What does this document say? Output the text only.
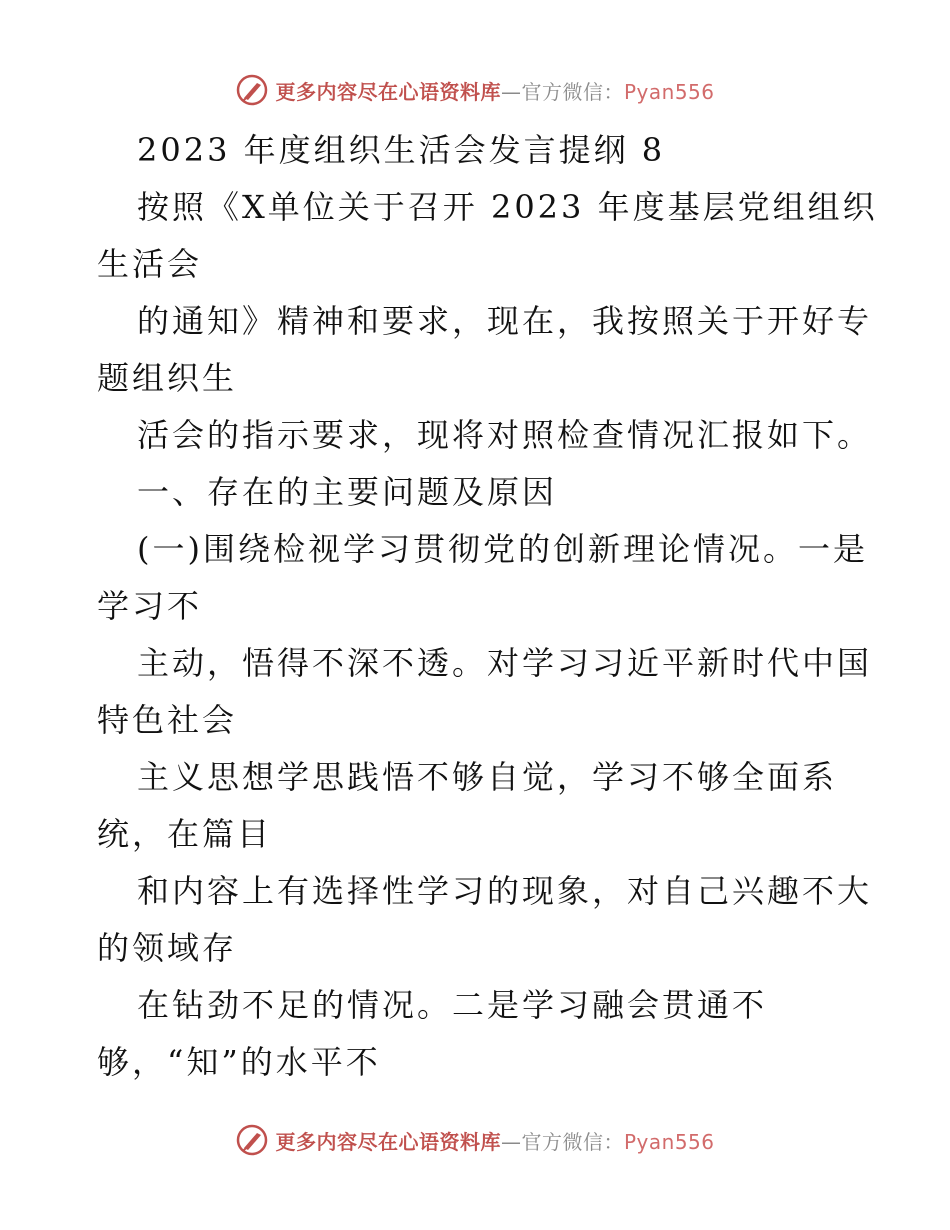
更多内容尽在心语资料库—官方微信：Pyan556
2023 年度组织生活会发言提纲 8
按照《X单位关于召开 2023 年度基层党组组织
生活会
的通知》精神和要求，现在，我按照关于开好专
题组织生
活会的指示要求，现将对照检查情况汇报如下。
一、存在的主要问题及原因
(一)围绕检视学习贯彻党的创新理论情况。一是
学习不
主动，悟得不深不透。对学习习近平新时代中国
特色社会
主义思想学思践悟不够自觉，学习不够全面系
统，在篇目
和内容上有选择性学习的现象，对自己兴趣不大
的领域存
在钻劲不足的情况。二是学习融会贯通不
够，“知”的水平不
更多内容尽在心语资料库—官方微信：Pyan556
